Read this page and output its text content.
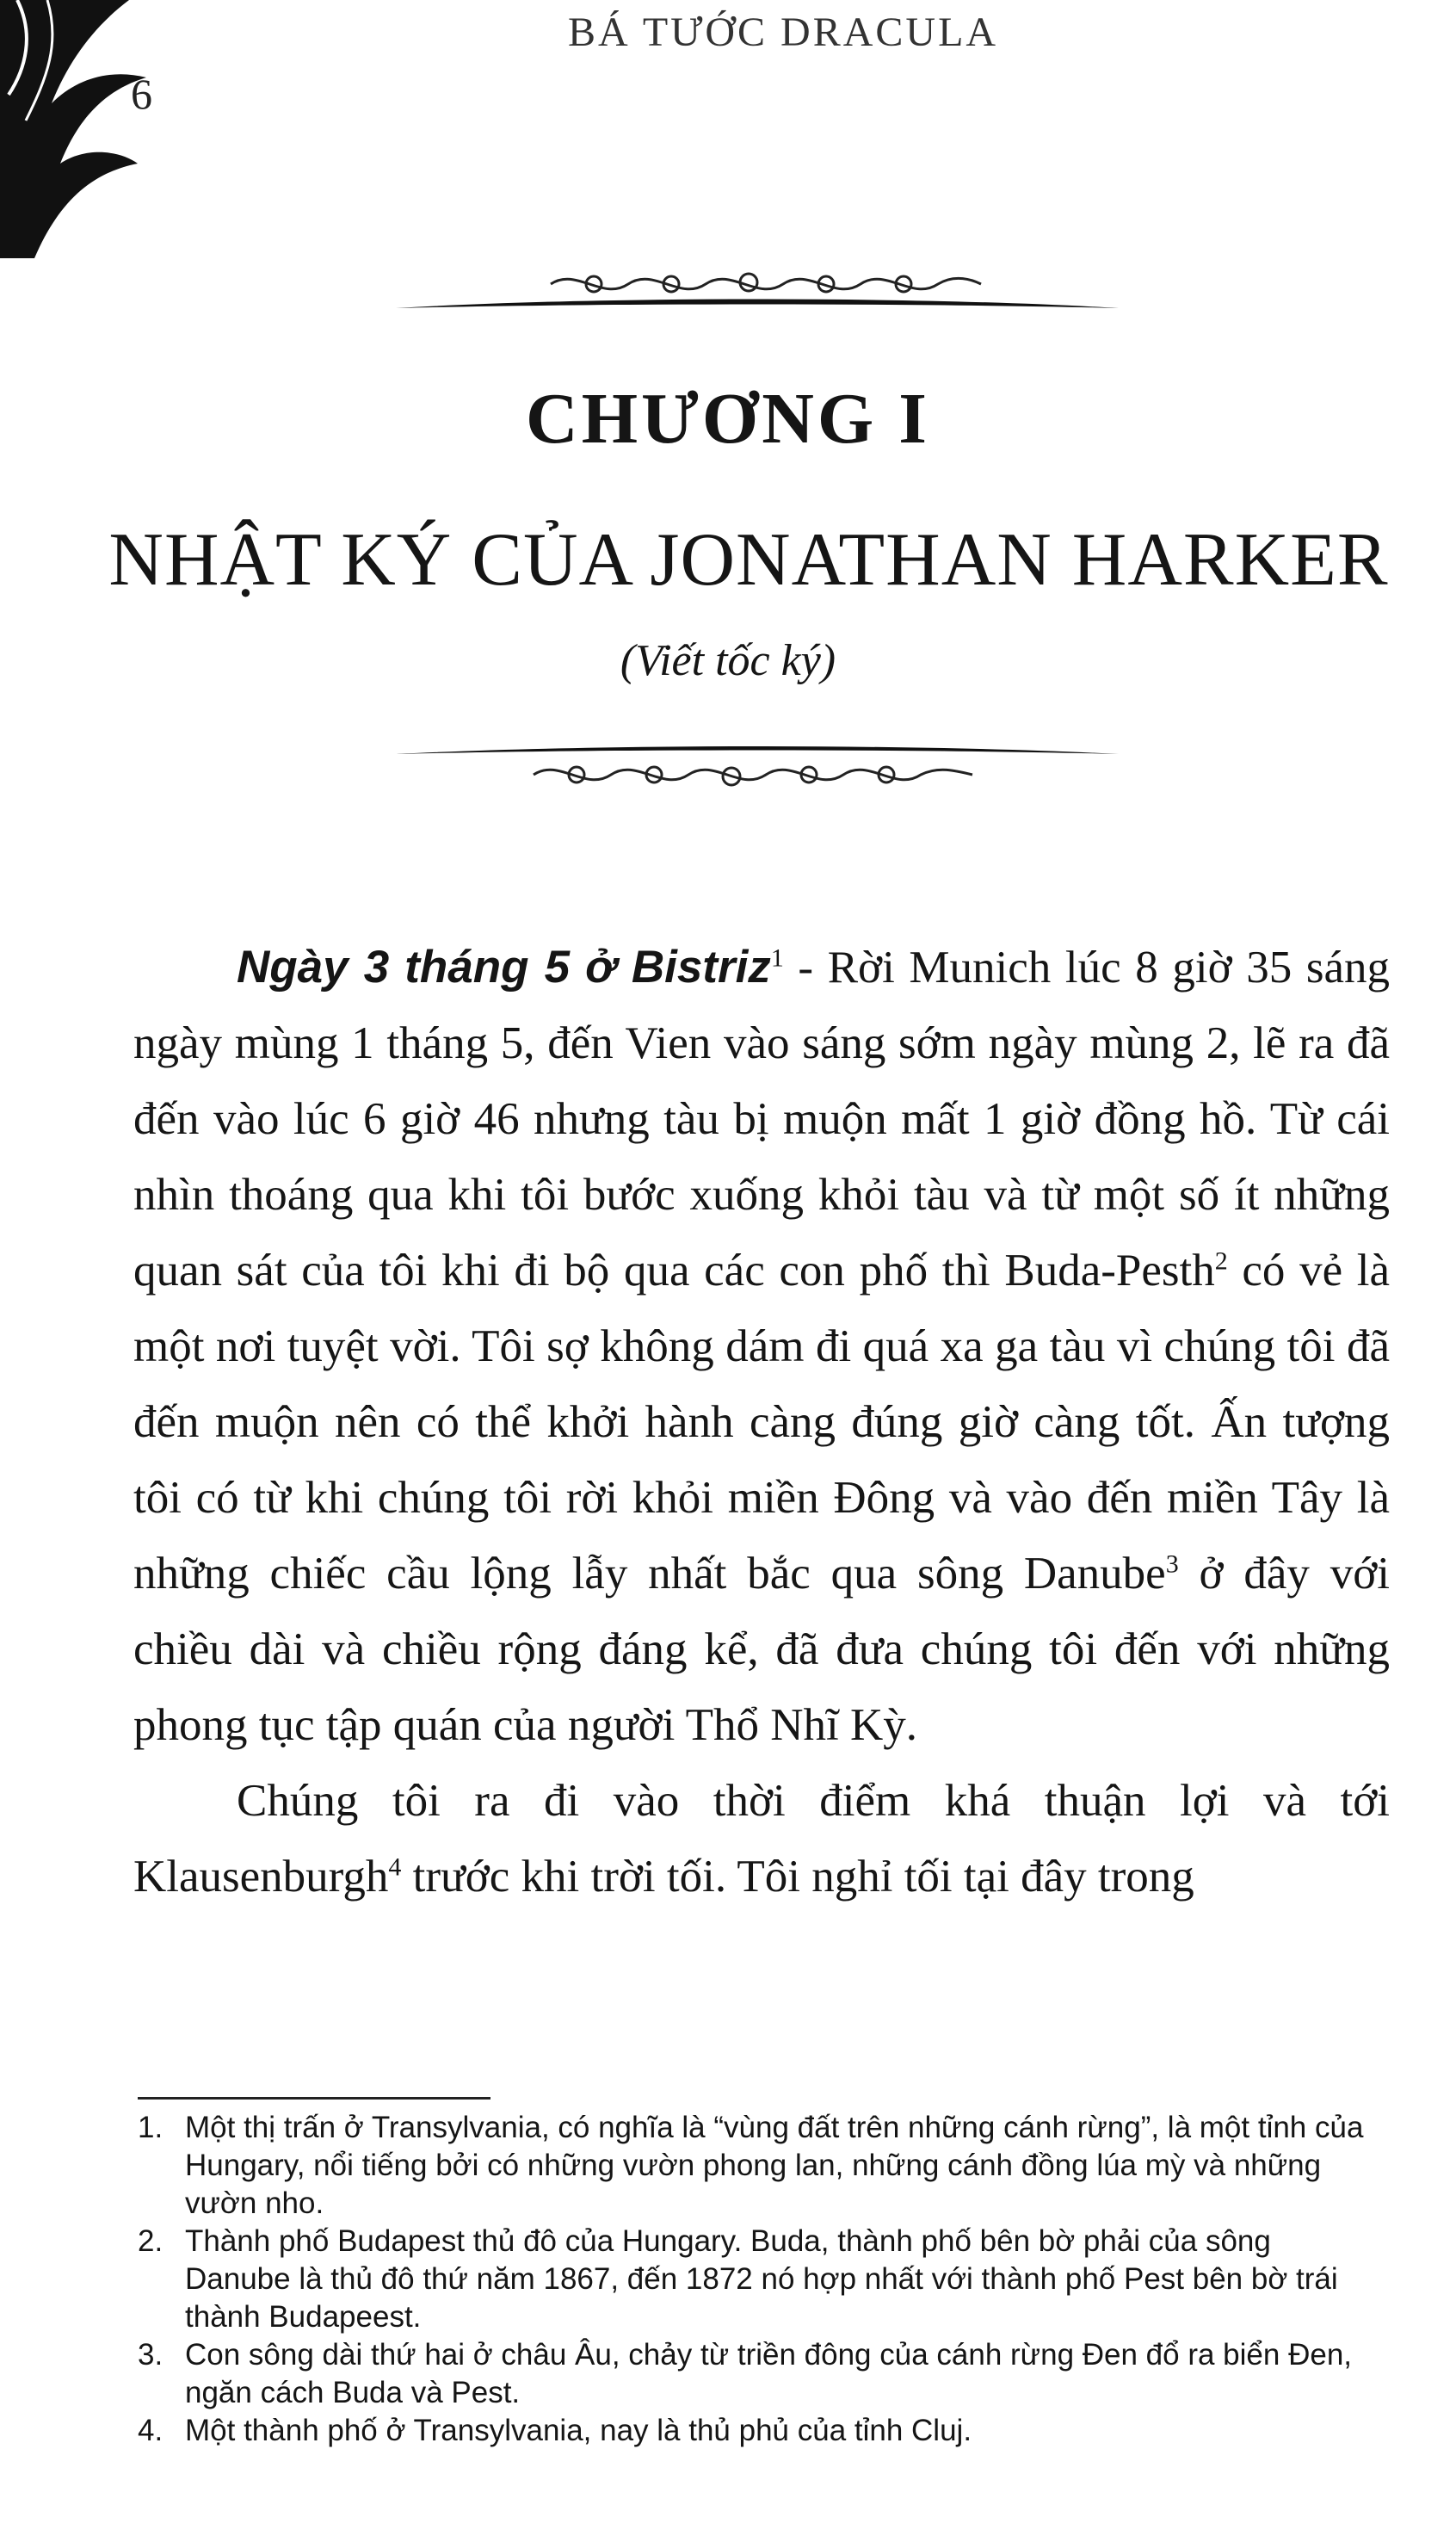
6
BÁ TƯỚC DRACULA
CHƯƠNG I
NHẬT KÝ CỦA JONATHAN HARKER
(Viết tốc ký)

Ngày 3 tháng 5 ở Bistriz$^1$ - Rời Munich lúc 8 giờ 35 sáng ngày mùng 1 tháng 5, đến Vien vào sáng sớm ngày mùng 2, lẽ ra đã đến vào lúc 6 giờ 46 nhưng tàu bị muộn mất 1 giờ đồng hồ. Từ cái nhìn thoáng qua khi tôi bước xuống khỏi tàu và từ một số ít những quan sát của tôi khi đi bộ qua các con phố thì Buda-Pesth$^2$ có vẻ là một nơi tuyệt vời. Tôi sợ không dám đi quá xa ga tàu vì chúng tôi đã đến muộn nên có thể khởi hành càng đúng giờ càng tốt. Ấn tượng tôi có từ khi chúng tôi rời khỏi miền Đông và vào đến miền Tây là những chiếc cầu lộng lẫy nhất bắc qua sông Danube$^3$ ở đây với chiều dài và chiều rộng đáng kể, đã đưa chúng tôi đến với những phong tục tập quán của người Thổ Nhĩ Kỳ.

Chúng tôi ra đi vào thời điểm khá thuận lợi và tới Klausenburgh$^4$ trước khi trời tối. Tôi nghỉ tối tại đây trong

1. Một thị trấn ở Transylvania, có nghĩa là “vùng đất trên những cánh rừng”, là một tỉnh của Hungary, nổi tiếng bởi có những vườn phong lan, những cánh đồng lúa mỳ và những vườn nho.
2. Thành phố Budapest thủ đô của Hungary. Buda, thành phố bên bờ phải của sông Danube là thủ đô thứ năm 1867, đến 1872 nó hợp nhất với thành phố Pest bên bờ trái thành Budapeest.
3. Con sông dài thứ hai ở châu Âu, chảy từ triền đông của cánh rừng Đen đổ ra biển Đen, ngăn cách Buda và Pest.
4. Một thành phố ở Transylvania, nay là thủ phủ của tỉnh Cluj.
